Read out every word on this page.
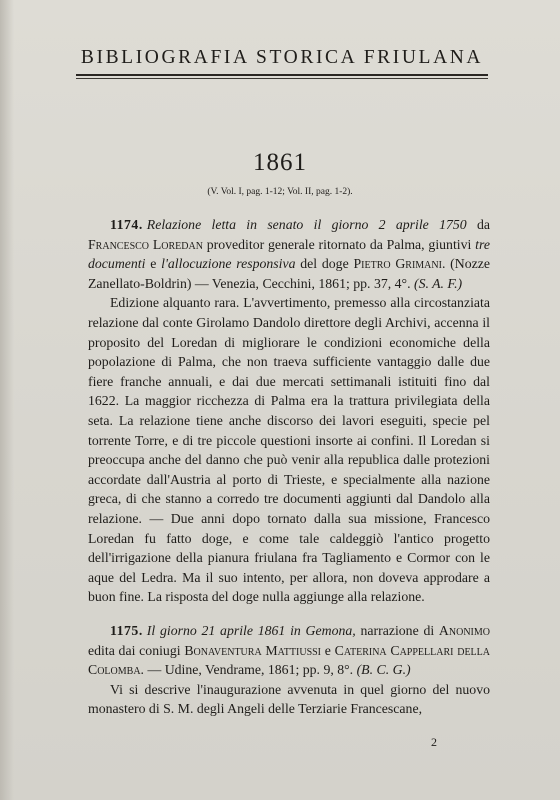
BIBLIOGRAFIA STORICA FRIULANA
1861
(V. Vol. I, pag. 1-12; Vol. II, pag. 1-2).

1174. Relazione letta in senato il giorno 2 aprile 1750 da Francesco Loredan proveditor generale ritornato da Palma, giuntivi tre documenti e l'allocuzione responsiva del doge Pietro Grimani. (Nozze Zanellato-Boldrin) — Venezia, Cecchini, 1861; pp. 37, 4°. (S. A. F.)

Edizione alquanto rara. L'avvertimento, premesso alla circostanziata relazione dal conte Girolamo Dandolo direttore degli Archivi, accenna il proposito del Loredan di migliorare le condizioni economiche della popolazione di Palma, che non traeva sufficiente vantaggio dalle due fiere franche annuali, e dai due mercati settimanali istituiti fino dal 1622. La maggior ricchezza di Palma era la trattura privilegiata della seta. La relazione tiene anche discorso dei lavori eseguiti, specie pel torrente Torre, e di tre piccole questioni insorte ai confini. Il Loredan si preoccupa anche del danno che può venir alla republica dalle protezioni accordate dall'Austria al porto di Trieste, e specialmente alla nazione greca, di che stanno a corredo tre documenti aggiunti dal Dandolo alla relazione. — Due anni dopo tornato dalla sua missione, Francesco Loredan fu fatto doge, e come tale caldeggiò l'antico progetto dell'irrigazione della pianura friulana fra Tagliamento e Cormor con le aque del Ledra. Ma il suo intento, per allora, non doveva approdare a buon fine. La risposta del doge nulla aggiunge alla relazione.

1175. Il giorno 21 aprile 1861 in Gemona, narrazione di Anonimo edita dai coniugi Bonaventura Mattiussi e Caterina Cappellari della Colomba. — Udine, Vendrame, 1861; pp. 9, 8°. (B. C. G.)

Vi si descrive l'inaugurazione avvenuta in quel giorno del nuovo monastero di S. M. degli Angeli delle Terziarie Francescane,

2
